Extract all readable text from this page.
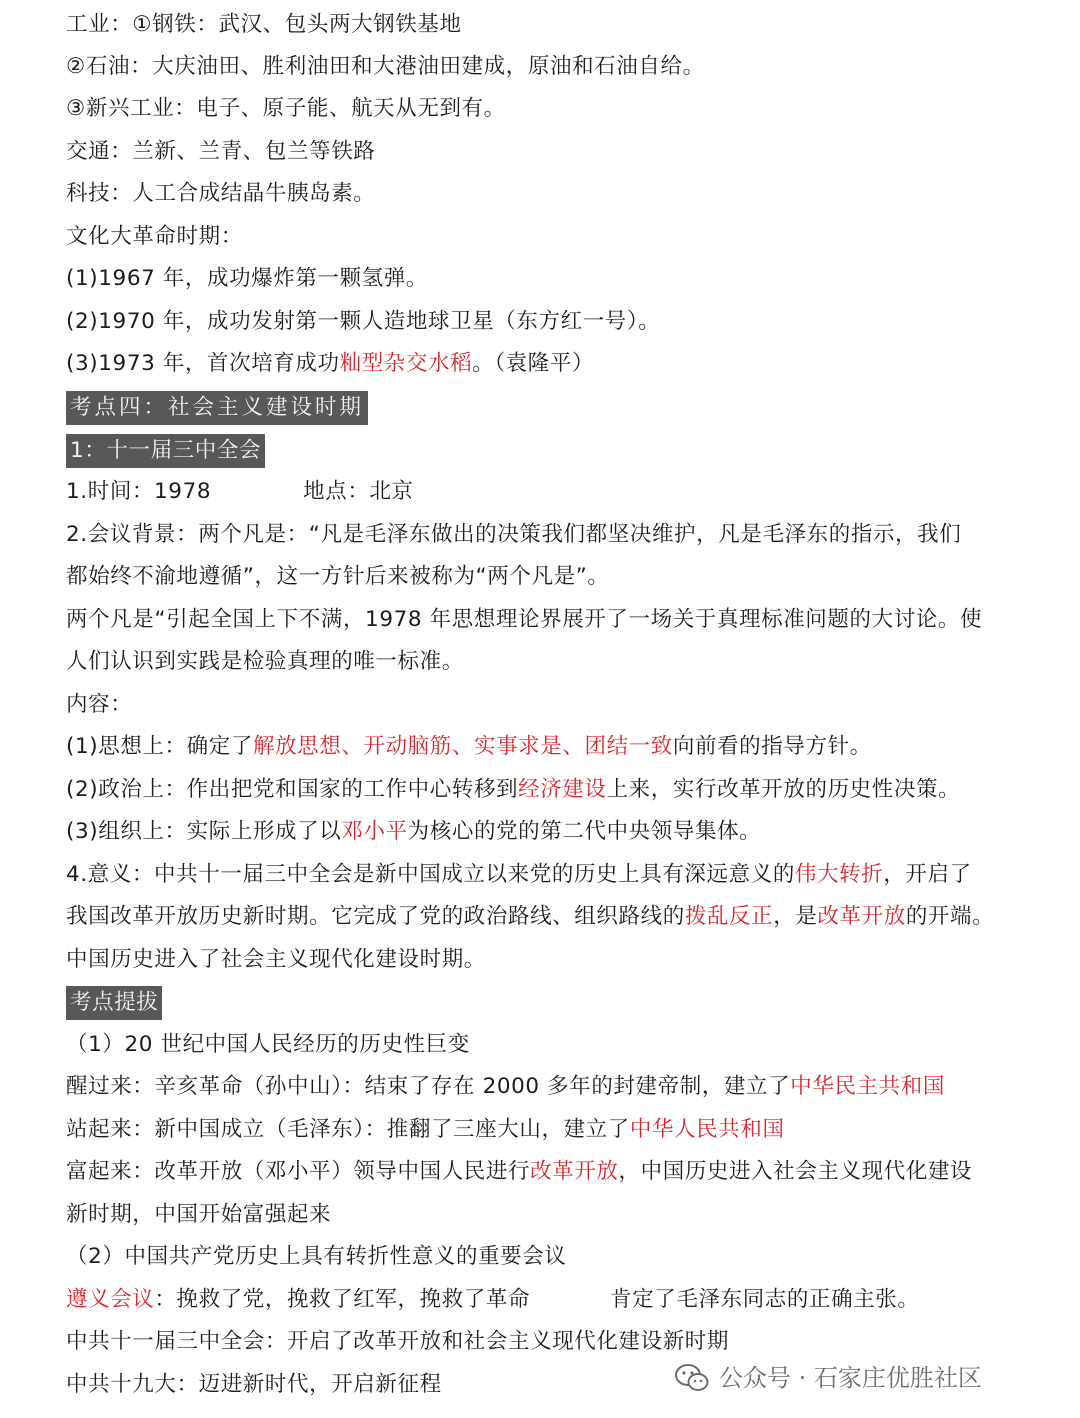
工业：①钢铁：武汉、包头两大钢铁基地
②石油：大庆油田、胜利油田和大港油田建成，原油和石油自给。
③新兴工业：电子、原子能、航天从无到有。
交通：兰新、兰青、包兰等铁路
科技：人工合成结晶牛胰岛素。
文化大革命时期：
(1)1967 年，成功爆炸第一颗氢弹。
(2)1970 年，成功发射第一颗人造地球卫星（东方红一号）。
(3)1973 年，首次培育成功籼型杂交水稻。（袁隆平）
考点四：社会主义建设时期
1：十一届三中全会
1.时间：1978	地点：北京
2.会议背景：两个凡是：“凡是毛泽东做出的决策我们都坚决维护，凡是毛泽东的指示，我们
都始终不渝地遵循”，这一方针后来被称为“两个凡是”。
两个凡是“引起全国上下不满，1978 年思想理论界展开了一场关于真理标准问题的大讨论。使
人们认识到实践是检验真理的唯一标准。
内容：
(1)思想上：确定了解放思想、开动脑筋、实事求是、团结一致向前看的指导方针。
(2)政治上：作出把党和国家的工作中心转移到经济建设上来，实行改革开放的历史性决策。
(3)组织上：实际上形成了以邓小平为核心的党的第二代中央领导集体。
4.意义：中共十一届三中全会是新中国成立以来党的历史上具有深远意义的伟大转折，开启了
我国改革开放历史新时期。它完成了党的政治路线、组织路线的拨乱反正，是改革开放的开端。
中国历史进入了社会主义现代化建设时期。
考点提拔
（1）20 世纪中国人民经历的历史性巨变
醒过来：辛亥革命（孙中山）：结束了存在 2000 多年的封建帝制，建立了中华民主共和国
站起来：新中国成立（毛泽东）：推翻了三座大山，建立了中华人民共和国
富起来：改革开放（邓小平）领导中国人民进行改革开放，中国历史进入社会主义现代化建设
新时期，中国开始富强起来
（2）中国共产党历史上具有转折性意义的重要会议
遵义会议：挽救了党，挽救了红军，挽救了革命	肯定了毛泽东同志的正确主张。
中共十一届三中全会：开启了改革开放和社会主义现代化建设新时期
中共十九大：迈进新时代，开启新征程	公众号 · 石家庄优胜社区
